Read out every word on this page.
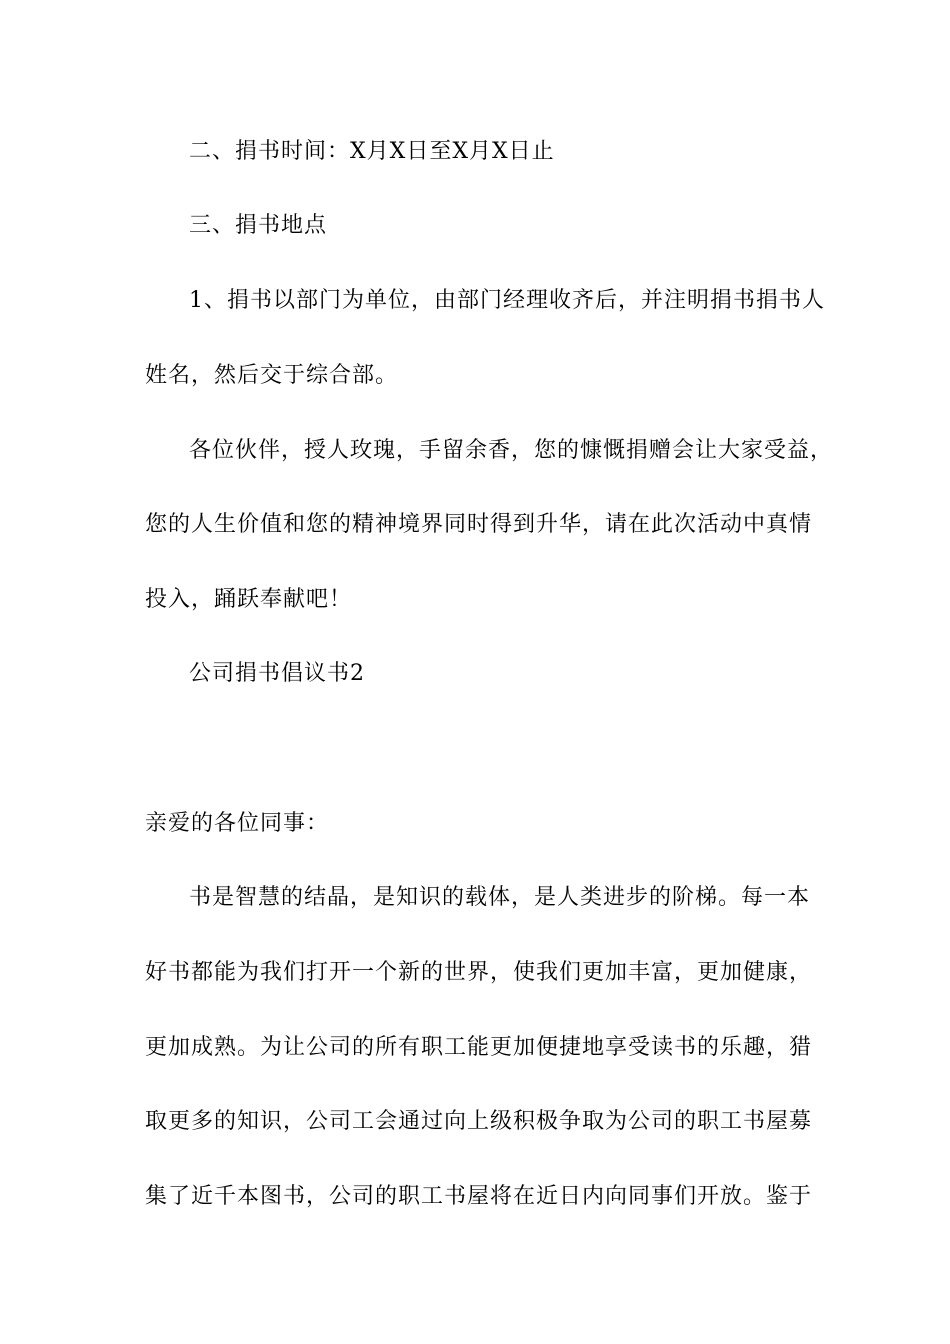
二、捐书时间：X月X日至X月X日止
三、捐书地点
1、捐书以部门为单位，由部门经理收齐后，并注明捐书捐书人
姓名，然后交于综合部。
各位伙伴，授人玫瑰，手留余香，您的慷慨捐赠会让大家受益，
您的人生价值和您的精神境界同时得到升华，请在此次活动中真情
投入，踊跃奉献吧！
公司捐书倡议书2
亲爱的各位同事：
书是智慧的结晶，是知识的载体，是人类进步的阶梯。每一本
好书都能为我们打开一个新的世界，使我们更加丰富，更加健康，
更加成熟。为让公司的所有职工能更加便捷地享受读书的乐趣，猎
取更多的知识，公司工会通过向上级积极争取为公司的职工书屋募
集了近千本图书，公司的职工书屋将在近日内向同事们开放。鉴于
